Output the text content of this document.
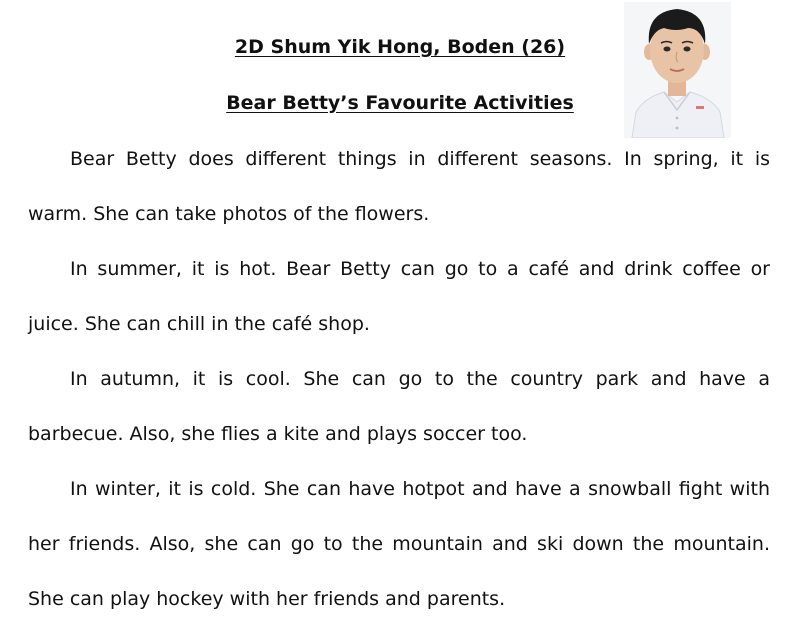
2D Shum Yik Hong, Boden (26)
Bear Betty’s Favourite Activities

Bear Betty does different things in different seasons. In spring, it is warm. She can take photos of the flowers.

In summer, it is hot. Bear Betty can go to a café and drink coffee or juice. She can chill in the café shop.

In autumn, it is cool. She can go to the country park and have a barbecue. Also, she flies a kite and plays soccer too.

In winter, it is cold. She can have hotpot and have a snowball fight with her friends. Also, she can go to the mountain and ski down the mountain. She can play hockey with her friends and parents.
